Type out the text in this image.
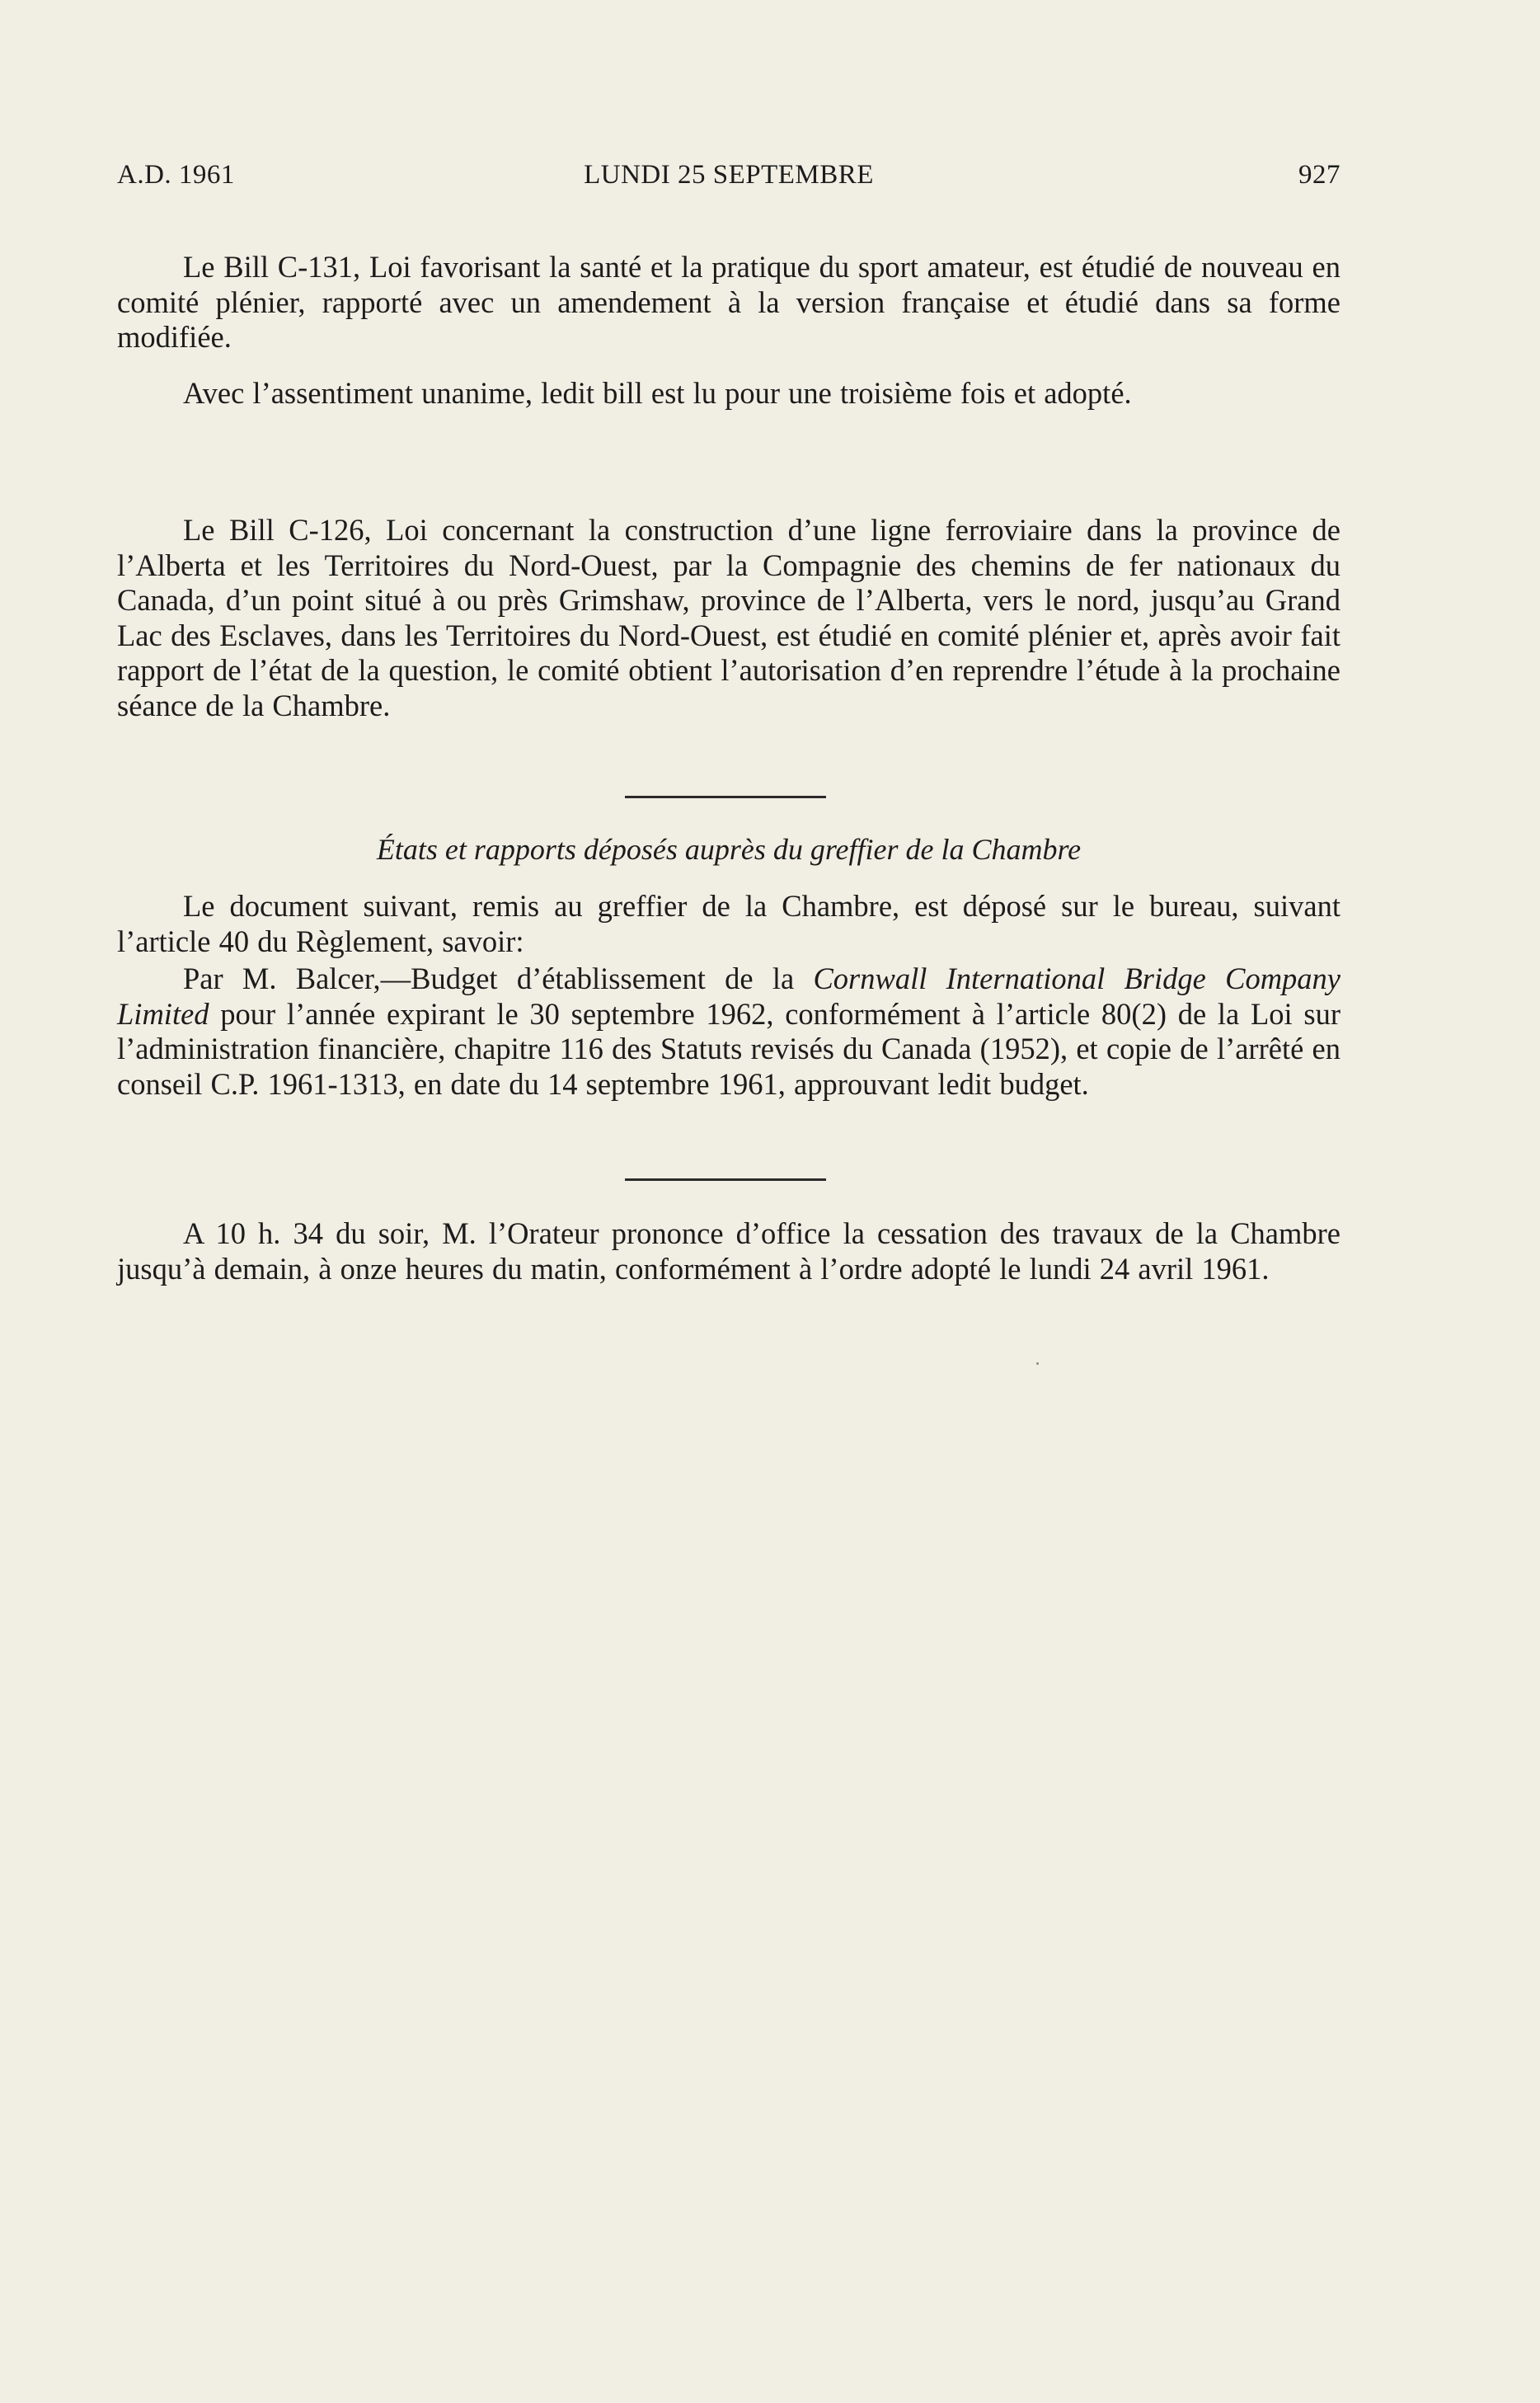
A.D. 1961	LUNDI 25 SEPTEMBRE	927

Le Bill C-131, Loi favorisant la santé et la pratique du sport amateur, est étudié de nouveau en comité plénier, rapporté avec un amendement à la version française et étudié dans sa forme modifiée.

Avec l’assentiment unanime, ledit bill est lu pour une troisième fois et adopté.

Le Bill C-126, Loi concernant la construction d’une ligne ferroviaire dans la province de l’Alberta et les Territoires du Nord-Ouest, par la Compagnie des chemins de fer nationaux du Canada, d’un point situé à ou près Grimshaw, province de l’Alberta, vers le nord, jusqu’au Grand Lac des Esclaves, dans les Territoires du Nord-Ouest, est étudié en comité plénier et, après avoir fait rapport de l’état de la question, le comité obtient l’autorisation d’en reprendre l’étude à la prochaine séance de la Chambre.

États et rapports déposés auprès du greffier de la Chambre

Le document suivant, remis au greffier de la Chambre, est déposé sur le bureau, suivant l’article 40 du Règlement, savoir:

Par M. Balcer,—Budget d’établissement de la Cornwall International Bridge Company Limited pour l’année expirant le 30 septembre 1962, conformément à l’article 80(2) de la Loi sur l’administration financière, chapitre 116 des Statuts revisés du Canada (1952), et copie de l’arrêté en conseil C.P. 1961-1313, en date du 14 septembre 1961, approuvant ledit budget.

A 10 h. 34 du soir, M. l’Orateur prononce d’office la cessation des travaux de la Chambre jusqu’à demain, à onze heures du matin, conformément à l’ordre adopté le lundi 24 avril 1961.
